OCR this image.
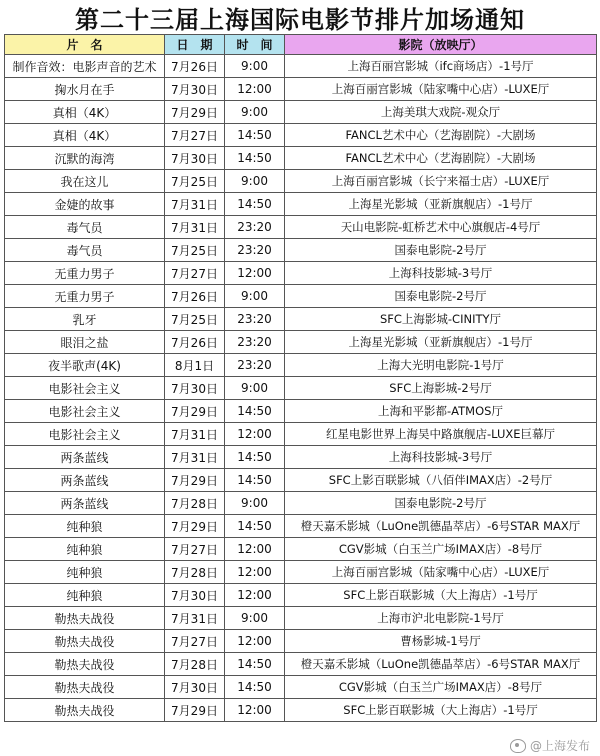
第二十三届上海国际电影节排片加场通知
片　名	日　期	时　间	影院（放映厅）
制作音效：电影声音的艺术	7月26日	9:00	上海百丽宫影城（ifc商场店）-1号厅
掬水月在手	7月30日	12:00	上海百丽宫影城（陆家嘴中心店）-LUXE厅
真相（4K）	7月29日	9:00	上海美琪大戏院-观众厅
真相（4K）	7月27日	14:50	FANCL艺术中心（艺海剧院）-大剧场
沉默的海湾	7月30日	14:50	FANCL艺术中心（艺海剧院）-大剧场
我在这儿	7月25日	9:00	上海百丽宫影城（长宁来福士店）-LUXE厅
金婕的故事	7月31日	14:50	上海星光影城（亚新旗舰店）-1号厅
毒气员	7月31日	23:20	天山电影院-虹桥艺术中心旗舰店-4号厅
毒气员	7月25日	23:20	国泰电影院-2号厅
无重力男子	7月27日	12:00	上海科技影城-3号厅
无重力男子	7月26日	9:00	国泰电影院-2号厅
乳牙	7月25日	23:20	SFC上海影城-CINITY厅
眼泪之盐	7月26日	23:20	上海星光影城（亚新旗舰店）-1号厅
夜半歌声(4K)	8月1日	23:20	上海大光明电影院-1号厅
电影社会主义	7月30日	9:00	SFC上海影城-2号厅
电影社会主义	7月29日	14:50	上海和平影都-ATMOS厅
电影社会主义	7月31日	12:00	红星电影世界上海吴中路旗舰店-LUXE巨幕厅
两条蓝线	7月31日	14:50	上海科技影城-3号厅
两条蓝线	7月29日	14:50	SFC上影百联影城（八佰伴IMAX店）-2号厅
两条蓝线	7月28日	9:00	国泰电影院-2号厅
纯种狼	7月29日	14:50	橙天嘉禾影城（LuOne凯德晶萃店）-6号STAR MAX厅
纯种狼	7月27日	12:00	CGV影城（白玉兰广场IMAX店）-8号厅
纯种狼	7月28日	12:00	上海百丽宫影城（陆家嘴中心店）-LUXE厅
纯种狼	7月30日	12:00	SFC上影百联影城（大上海店）-1号厅
勒热夫战役	7月31日	9:00	上海市沪北电影院-1号厅
勒热夫战役	7月27日	12:00	曹杨影城-1号厅
勒热夫战役	7月28日	14:50	橙天嘉禾影城（LuOne凯德晶萃店）-6号STAR MAX厅
勒热夫战役	7月30日	14:50	CGV影城（白玉兰广场IMAX店）-8号厅
勒热夫战役	7月29日	12:00	SFC上影百联影城（大上海店）-1号厅
@上海发布
